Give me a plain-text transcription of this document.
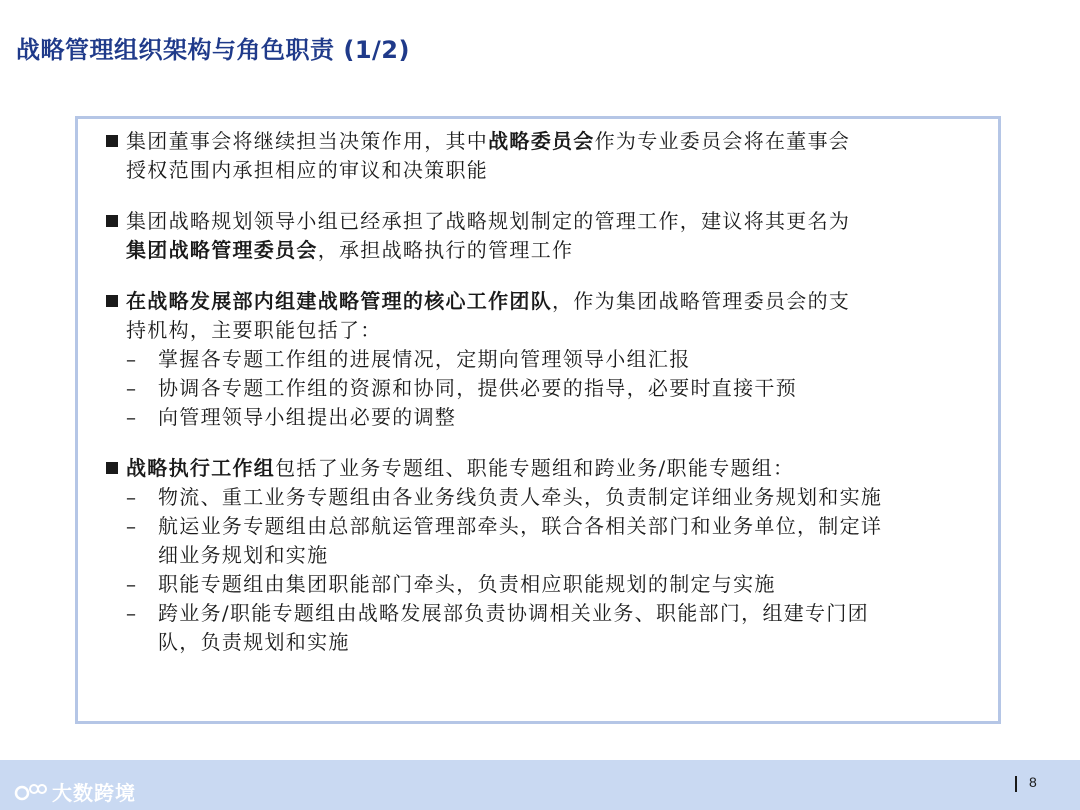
战略管理组织架构与角色职责 (1/2)
集团董事会将继续担当决策作用，其中战略委员会作为专业委员会将在董事会
授权范围内承担相应的审议和决策职能
集团战略规划领导小组已经承担了战略规划制定的管理工作，建议将其更名为
集团战略管理委员会，承担战略执行的管理工作
在战略发展部内组建战略管理的核心工作团队，作为集团战略管理委员会的支
持机构，主要职能包括了：
– 掌握各专题工作组的进展情况，定期向管理领导小组汇报
– 协调各专题工作组的资源和协同，提供必要的指导，必要时直接干预
– 向管理领导小组提出必要的调整
战略执行工作组包括了业务专题组、职能专题组和跨业务/职能专题组：
– 物流、重工业务专题组由各业务线负责人牵头，负责制定详细业务规划和实施
– 航运业务专题组由总部航运管理部牵头，联合各相关部门和业务单位，制定详
细业务规划和实施
– 职能专题组由集团职能部门牵头，负责相应职能规划的制定与实施
– 跨业务/职能专题组由战略发展部负责协调相关业务、职能部门，组建专门团
队，负责规划和实施
大数跨境	8
